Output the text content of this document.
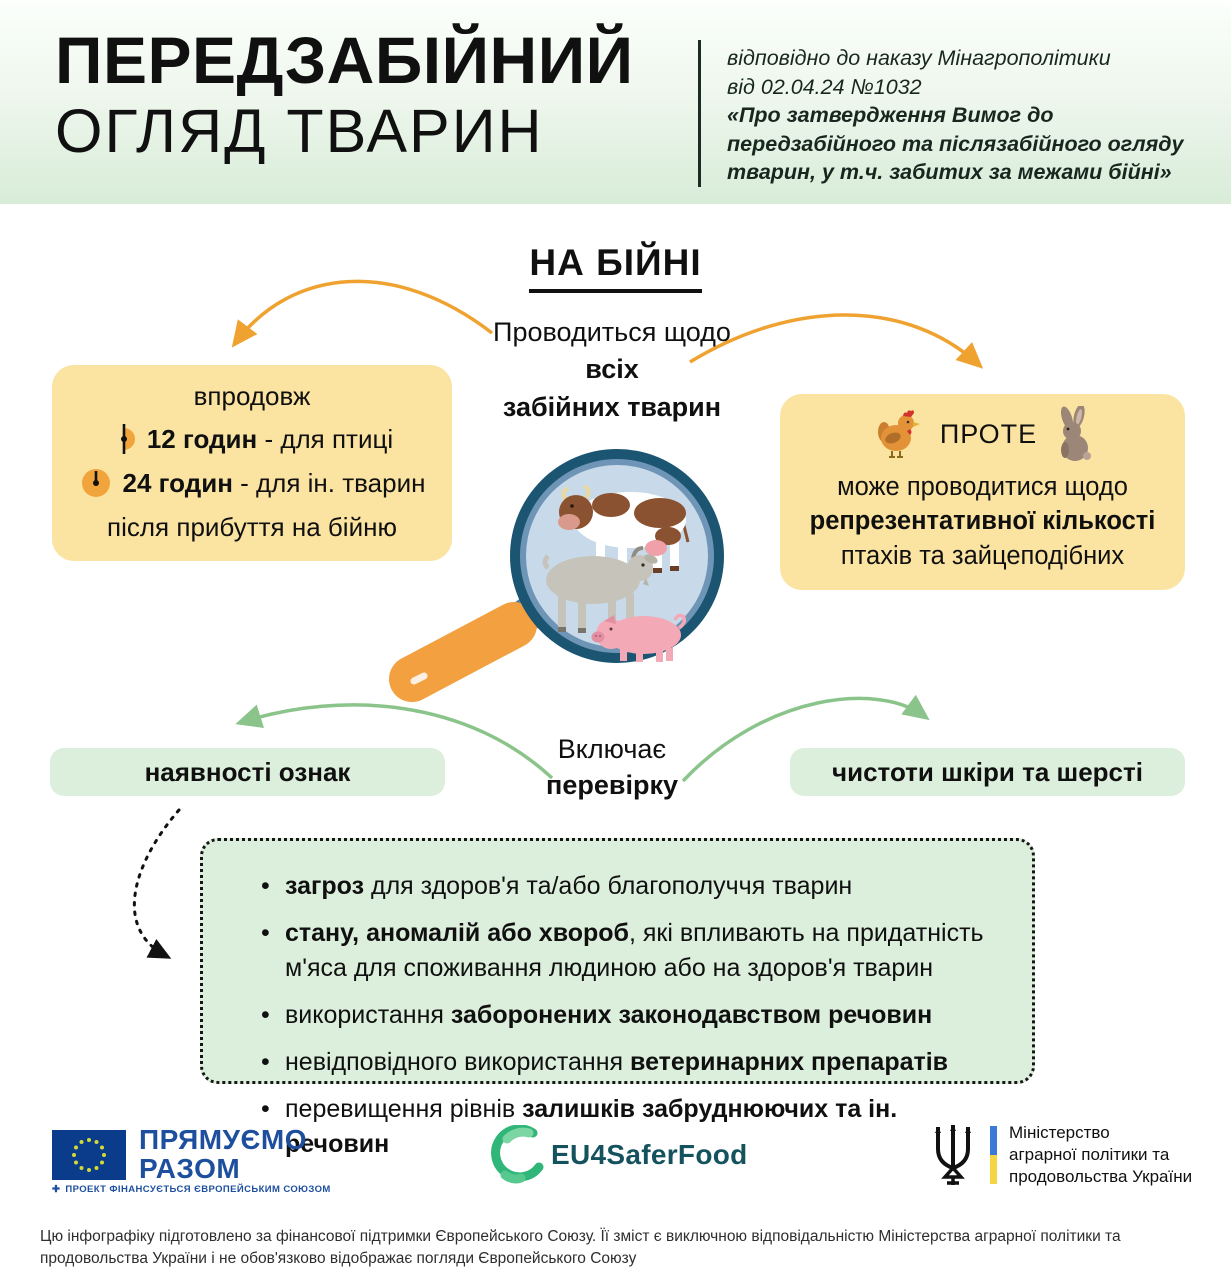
ПЕРЕДЗАБІЙНИЙ
ОГЛЯД ТВАРИН
відповідно до наказу Мінагрополітики
від 02.04.24 №1032
«Про затвердження Вимог до передзабійного та післязабійного огляду тварин, у т.ч. забитих за межами бійні»
НА БІЙНІ
Проводиться щодо
всіх
забійних тварин
впродовж
12 годин - для птиці
24 годин - для ін. тварин
після прибуття на бійню
ПРОТЕ
може проводитися щодо
репрезентативної кількості
птахів та зайцеподібних
наявності ознак
Включає
перевірку	чистоти шкіри та шерсті
• загроз для здоров'я та/або благополуччя тварин
• стану, аномалій або хвороб, які впливають на придатність м'яса для споживання людиною або на здоров'я тварин
• використання заборонених законодавством речовин
• невідповідного використання ветеринарних препаратів
• перевищення рівнів залишків забруднюючих та ін. речовин
ПРЯМУЄМО
РАЗОМ
✚ ПРОЕКТ ФІНАНСУЄТЬСЯ ЄВРОПЕЙСЬКИМ СОЮЗОМ
EU4SaferFood
Міністерство
аграрної політики та
продовольства України
Цю інфографіку підготовлено за фінансової підтримки Європейського Союзу. Її зміст є виключною відповідальністю Міністерства аграрної політики та продовольства України і не обов'язково відображає погляди Європейського Союзу
